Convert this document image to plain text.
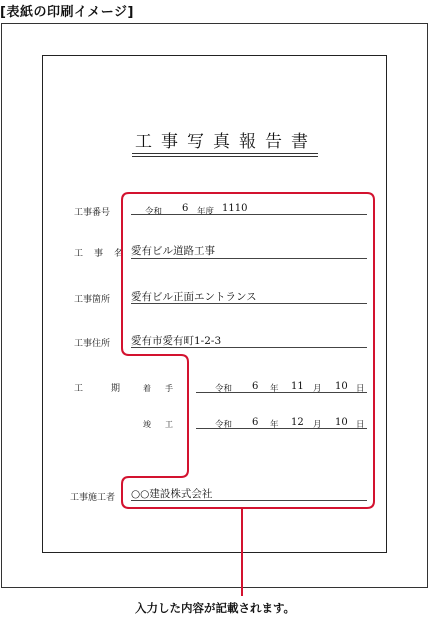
[表紙の印刷イメージ]
工事写真報告書
工事番号	令和 6 年度 1110
工事名
愛有ビル道路工事
工事箇所 愛有ビル正面エントランス
工事住所 愛有市愛有町1-2-3
工期
着手	令和 6 年 11 月 10 日
竣工	令和 6 年 12 月 10 日
工事施工者 ○○建設株式会社
入力した内容が記載されます。
